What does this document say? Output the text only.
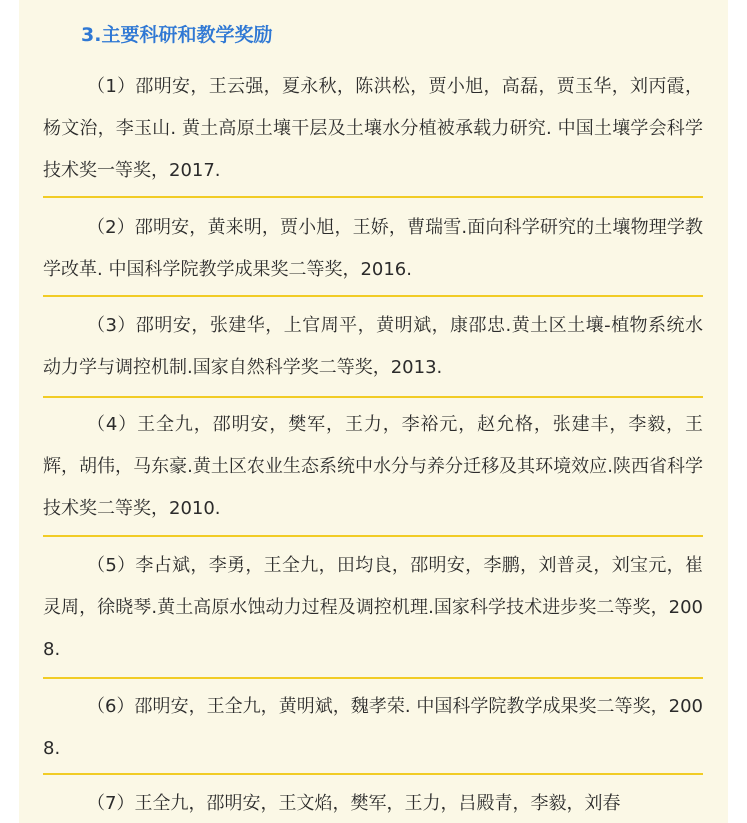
3.主要科研和教学奖励

（1）邵明安，王云强，夏永秋，陈洪松，贾小旭，高磊，贾玉华，刘丙霞，杨文治，李玉山. 黄土高原土壤干层及土壤水分植被承载力研究. 中国土壤学会科学技术奖一等奖，2017.

（2）邵明安，黄来明，贾小旭，王娇，曹瑞雪.面向科学研究的土壤物理学教学改革. 中国科学院教学成果奖二等奖，2016.

（3）邵明安，张建华，上官周平，黄明斌，康邵忠.黄土区土壤-植物系统水动力学与调控机制.国家自然科学奖二等奖，2013.

（4）王全九，邵明安，樊军，王力，李裕元，赵允格，张建丰，李毅，王辉，胡伟，马东豪.黄土区农业生态系统中水分与养分迁移及其环境效应.陕西省科学技术奖二等奖，2010.

（5）李占斌，李勇，王全九，田均良，邵明安，李鹏，刘普灵，刘宝元，崔灵周，徐晓琴.黄土高原水蚀动力过程及调控机理.国家科学技术进步奖二等奖，2008.

（6）邵明安，王全九，黄明斌，魏孝荣. 中国科学院教学成果奖二等奖，2008.

（7）王全九，邵明安，王文焰，樊军，王力，吕殿青，李毅，刘春
